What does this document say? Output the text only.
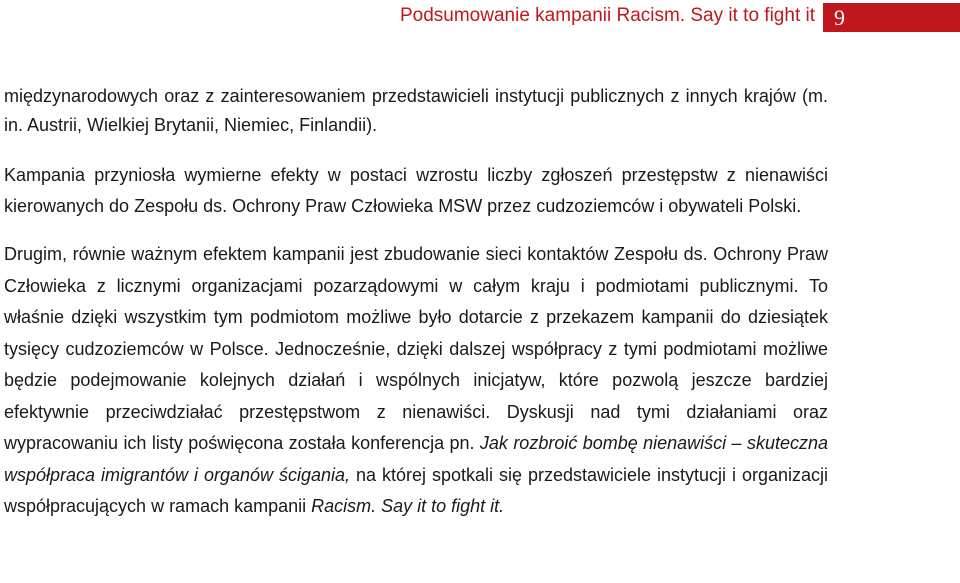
Podsumowanie kampanii Racism. Say it to fight it 9

międzynarodowych oraz z zainteresowaniem przedstawicieli instytucji publicznych z innych krajów (m. in. Austrii, Wielkiej Brytanii, Niemiec, Finlandii).

Kampania przyniosła wymierne efekty w postaci wzrostu liczby zgłoszeń przestępstw z nienawiści kierowanych do Zespołu ds. Ochrony Praw Człowieka MSW przez cudzoziemców i obywateli Polski.

Drugim, równie ważnym efektem kampanii jest zbudowanie sieci kontaktów Zespołu ds. Ochrony Praw Człowieka z licznymi organizacjami pozarządowymi w całym kraju i podmiotami publicznymi. To właśnie dzięki wszystkim tym podmiotom możliwe było dotarcie z przekazem kampanii do dziesiątek tysięcy cudzoziemców w Polsce. Jednocześnie, dzięki dalszej współpracy z tymi podmiotami możliwe będzie podejmowanie kolejnych działań i wspólnych inicjatyw, które pozwolą jeszcze bardziej efektywnie przeciwdziałać przestępstwom z nienawiści. Dyskusji nad tymi działaniami oraz wypracowaniu ich listy poświęcona została konferencja pn. Jak rozbroić bombę nienawiści – skuteczna współpraca imigrantów i organów ścigania, na której spotkali się przedstawiciele instytucji i organizacji współpracujących w ramach kampanii Racism. Say it to fight it.
